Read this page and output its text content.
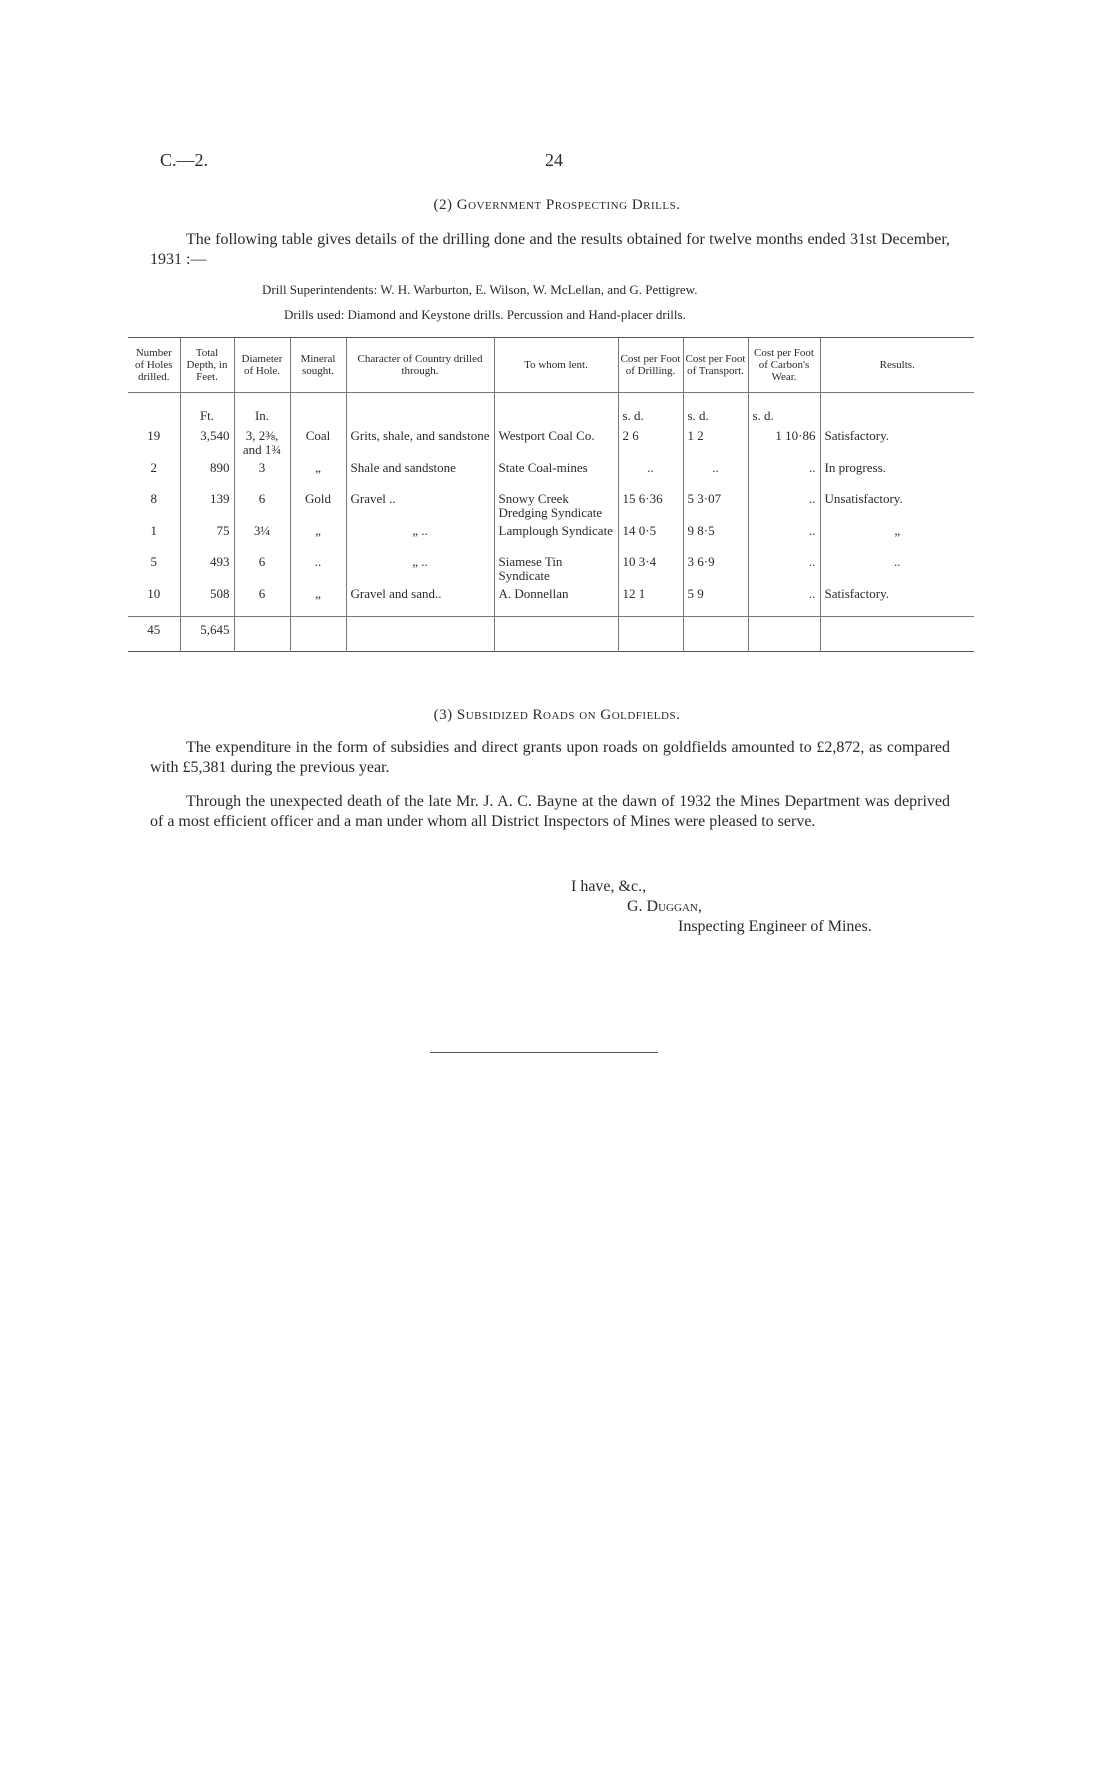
C.—2.	24
(2) Government Prospecting Drills.
The following table gives details of the drilling done and the results obtained for twelve months ended 31st December, 1931 :—
Drill Superintendents: W. H. Warburton, E. Wilson, W. McLellan, and G. Pettigrew.
Drills used: Diamond and Keystone drills. Percussion and Hand-placer drills.
Number of Holes drilled.	Total Depth, in Feet.	Diameter of Hole.	Mineral sought.	Character of Country drilled through.	To whom lent.	Cost per Foot of Drilling.	Cost per Foot of Transport.	Cost per Foot of Carbon's Wear.	Results.
	Ft.	In.				s. d.	s. d.	s. d.	
19	3,540	3, 2⅜, and 1¾	Coal	Grits, shale, and sandstone	Westport Coal Co.	2 6	1 2	1 10·86	Satisfactory.
2	890	3	„	Shale and sandstone	State Coal-mines	..	..	..	In progress.
8	139	6	Gold	Gravel ..	Snowy Creek Dredging Syndicate	15 6·36	5 3·07	..	Unsatisfactory.
1	75	3¼	„	„ ..	Lamplough Syndicate	14 0·5	9 8·5	..	„
5	493	6	..	„ ..	Siamese Tin Syndicate	10 3·4	3 6·9	..	..
10	508	6	„	Gravel and sand..	A. Donnellan	12 1	5 9	..	Satisfactory.
45	5,645								
(3) Subsidized Roads on Goldfields.
The expenditure in the form of subsidies and direct grants upon roads on goldfields amounted to £2,872, as compared with £5,381 during the previous year.
Through the unexpected death of the late Mr. J. A. C. Bayne at the dawn of 1932 the Mines Department was deprived of a most efficient officer and a man under whom all District Inspectors of Mines were pleased to serve.
I have, &c.,
G. Duggan,
Inspecting Engineer of Mines.
